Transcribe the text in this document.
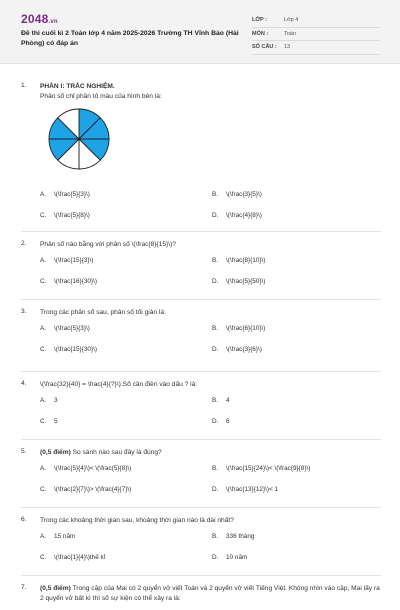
2048.vn
Đề thi cuối kì 2 Toán lớp 4 năm 2025-2026 Trường TH Vĩnh Bảo (Hải Phòng) có đáp án
LỚP :	Lớp 4
MÔN :	Toán
SỐ CÂU :	13
1. PHẦN I: TRẮC NGHIỆM.
Phân số chỉ phần tô màu của hình bên là:
A. \(\frac{5}{3}\)	B. \(\frac{3}{5}\)
C. \(\frac{5}{8}\)	D. \(\frac{4}{8}\)
2. Phân số nào bằng với phân số \(\frac{8}{15}\)?
A. \(\frac{15}{3}\)	B. \(\frac{8}{10}\)
C. \(\frac{16}{30}\)	D. \(\frac{5}{50}\)
3. Trong các phân số sau, phân số tối giản là:
A. \(\frac{5}{3}\)	B. \(\frac{6}{10}\)
C. \(\frac{15}{30}\)	D. \(\frac{3}{6}\)
4. \(\frac{32}{40} = \frac{4}{?}\).Số cần điền vào dấu ? là:
A. 3	B. 4
C. 5	D. 6
5. (0,5 điểm) So sánh nào sau đây là đúng?
A. \(\frac{5}{4}\)< \(\frac{5}{8}\)	B. \(\frac{15}{24}\)< \(\frac{9}{8}\)
C. \(\frac{2}{7}\)> \(\frac{4}{7}\)	D. \(\frac{13}{12}\)< 1
6. Trong các khoảng thời gian sau, khoảng thời gian nào là dài nhất?
A. 15 năm	B. 336 tháng
C. \(\frac{1}{4}\)thế kỉ	D. 10 năm
7. (0,5 điểm) Trong cặp của Mai có 2 quyển vở viết Toán và 2 quyển vở viết Tiếng Việt. Không nhìn vào cặp, Mai lấy ra 2 quyển vở bất kì thì số sự kiện có thể xảy ra là:
